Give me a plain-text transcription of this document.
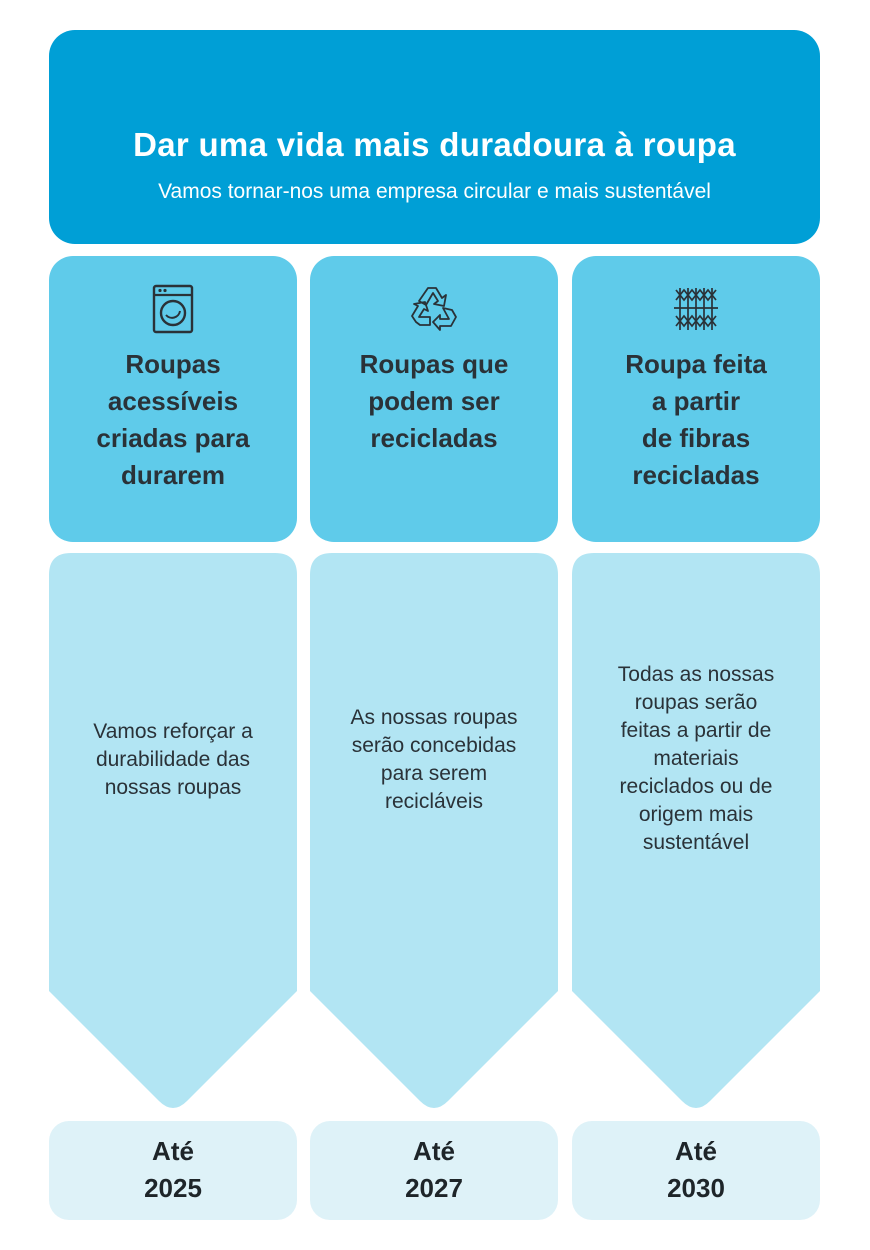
Dar uma vida mais duradoura à roupa
Vamos tornar-nos uma empresa circular e mais sustentável
Roupas
acessíveis
criadas para
durarem
Vamos reforçar a
durabilidade das
nossas roupas
Até
2025
Roupas que
podem ser
recicladas
As nossas roupas
serão concebidas
para serem
recicláveis
Até
2027
Roupa feita
a partir
de fibras
recicladas
Todas as nossas
roupas serão
feitas a partir de
materiais
reciclados ou de
origem mais
sustentável
Até
2030
